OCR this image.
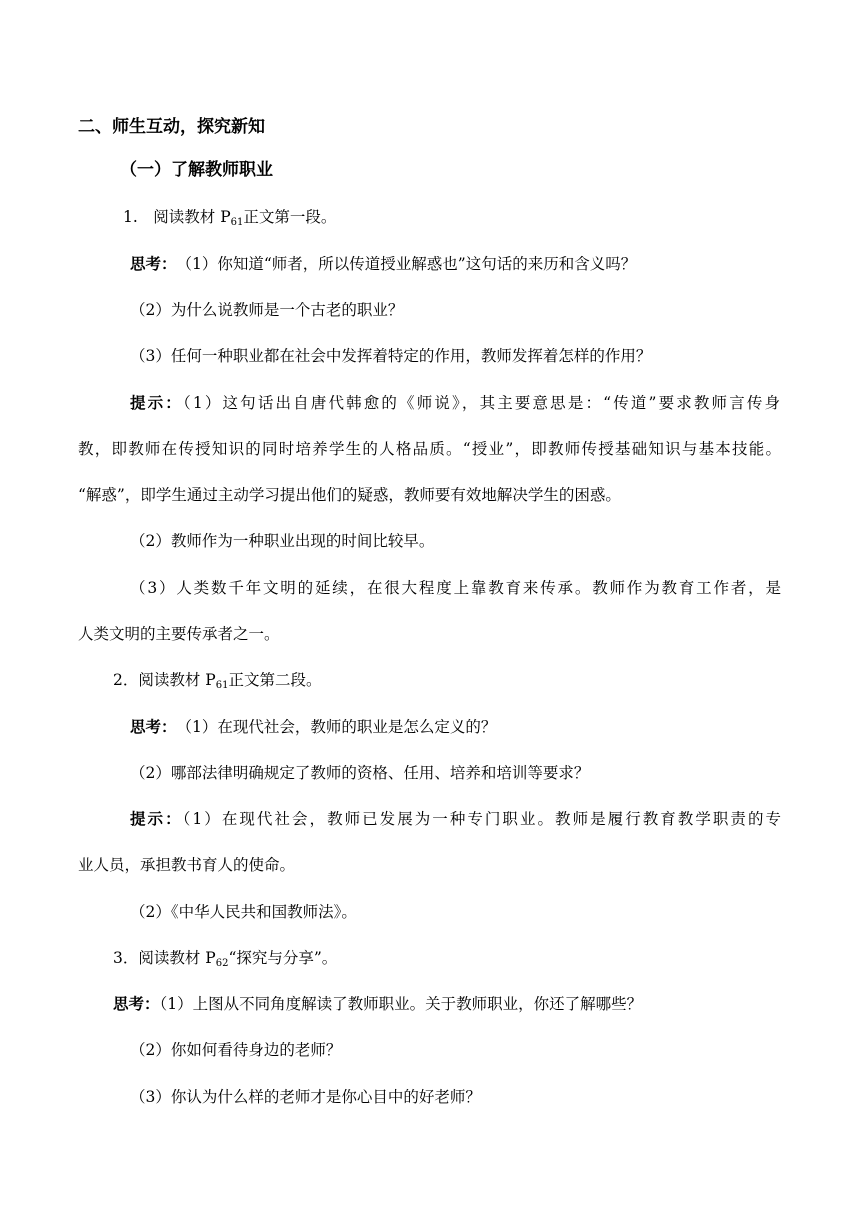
二、师生互动，探究新知
（一）了解教师职业
1.　阅读教材 $P_{61}$正文第一段。
思考：　（1）你知道“师者，所以传道授业解惑也”这句话的来历和含义吗？
（2）为什么说教师是一个古老的职业？
（3）任何一种职业都在社会中发挥着特定的作用，教师发挥着怎样的作用？
提示：（1）这句话出自唐代韩愈的《师说》，其主要意思是：“传道”要求教师言传身
教，即教师在传授知识的同时培养学生的人格品质。“授业”，即教师传授基础知识与基本技能。
“解惑”，即学生通过主动学习提出他们的疑惑，教师要有效地解决学生的困惑。
（2）教师作为一种职业出现的时间比较早。
（3）人类数千年文明的延续，在很大程度上靠教育来传承。教师作为教育工作者，是
人类文明的主要传承者之一。
2．阅读教材 $P_{61}$正文第二段。
思考：　（1）在现代社会，教师的职业是怎么定义的？
（2）哪部法律明确规定了教师的资格、任用、培养和培训等要求？
提示：（1）在现代社会，教师已发展为一种专门职业。教师是履行教育教学职责的专
业人员，承担教书育人的使命。
（2）《中华人民共和国教师法》。
3．阅读教材 $P_{62}“$探究与分享”。
思考：（1）上图从不同角度解读了教师职业。关于教师职业，你还了解哪些？
（2）你如何看待身边的老师？
（3）你认为什么样的老师才是你心目中的好老师？
